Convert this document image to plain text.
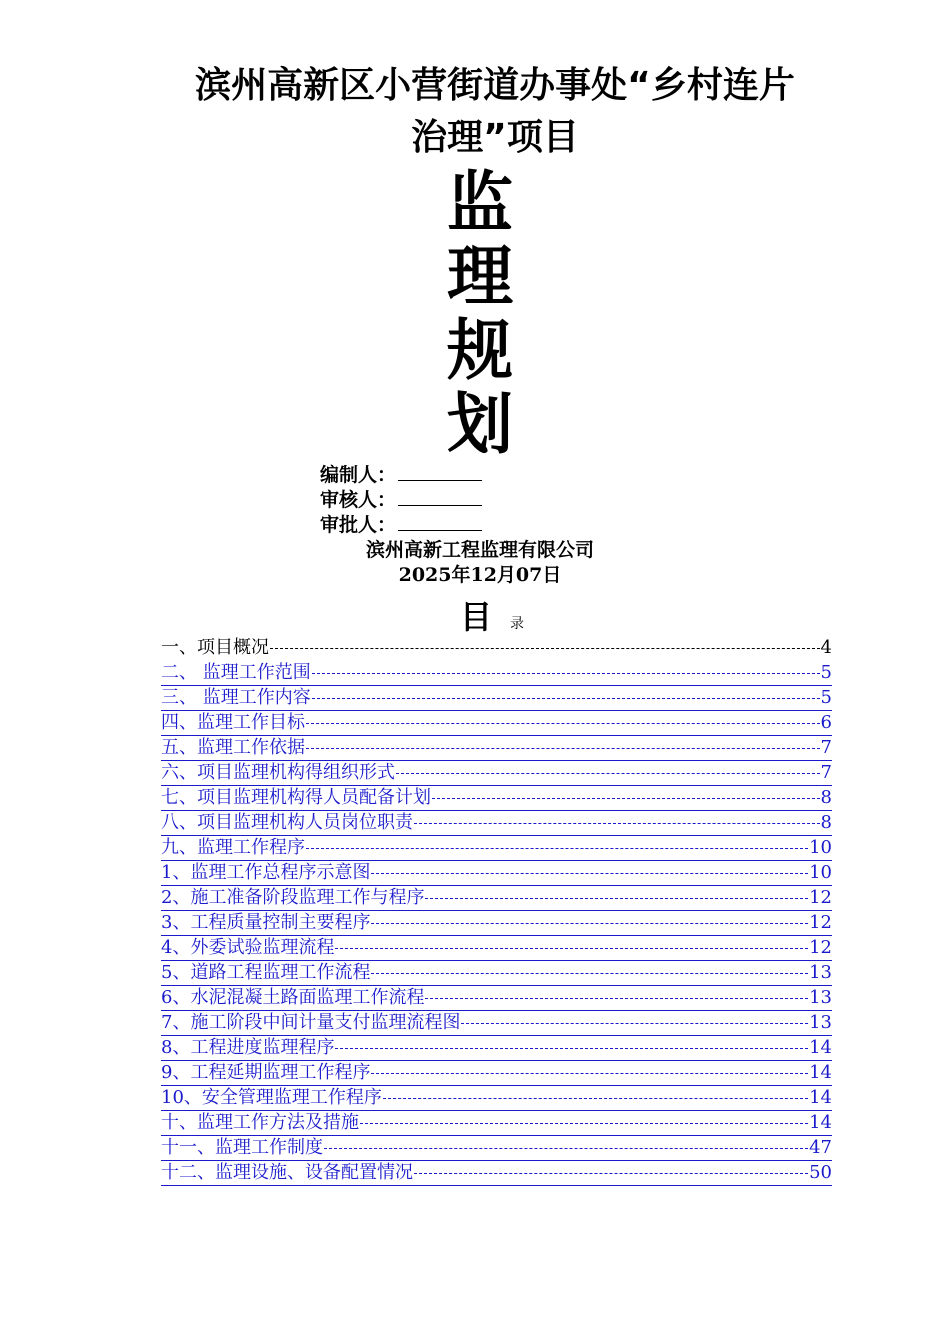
滨州高新区小营街道办事处“乡村连片
治理”项目
监
理
规
划
编制人：
审核人：
审批人：
滨州高新工程监理有限公司
2025年12月07日
目 录
一、项目概况	4
二、 监理工作范围	5
三、 监理工作内容	5
四、监理工作目标	6
五、监理工作依据	7
六、项目监理机构得组织形式	7
七、项目监理机构得人员配备计划	8
八、项目监理机构人员岗位职责	8
九、监理工作程序	10
1、监理工作总程序示意图	10
2、施工准备阶段监理工作与程序	12
3、工程质量控制主要程序	12
4、外委试验监理流程	12
5、道路工程监理工作流程	13
6、水泥混凝土路面监理工作流程	13
7、施工阶段中间计量支付监理流程图	13
8、工程进度监理程序	14
9、工程延期监理工作程序	14
10、安全管理监理工作程序	14
十、监理工作方法及措施	14
十一、监理工作制度	47
十二、监理设施、设备配置情况	50
